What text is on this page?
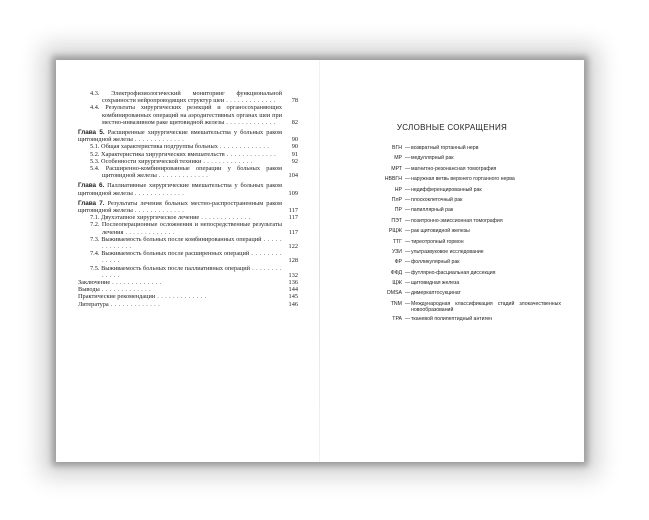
4.3. Электрофизиологический мониторинг функциональной сохранности нейропроводящих структур шеи . . . . . . . . . . . . .	78
4.4. Результаты хирургических резекций и органосохраняющих комбинированных операций на аэродигестивных органах шеи при местно-инвазивном раке щитовидной железы . . . . . . . . . . . . .	82
Глава 5. Расширенные хирургические вмешательства у больных раком щитовидной железы . . . . . . . . . . . . .	90
5.1. Общая характеристика подгруппы больных . . . . . . . . . . . . .	90
5.2. Характеристика хирургических вмешательств . . . . . . . . . . . . .	91
5.3. Особенности хирургической техники . . . . . . . . . . . . .	92
5.4. Расширенно-комбинированные операции у больных раком щитовидной железы . . . . . . . . . . . . .	104
Глава 6. Паллиативные хирургические вмешательства у больных раком щитовидной железы . . . . . . . . . . . . .	109
Глава 7. Результаты лечения больных местно-распространенным раком щитовидной железы . . . . . . . . . . . . .	117
7.1. Двухэтапное хирургическое лечение . . . . . . . . . . . . .	117
7.2. Послеоперационные осложнения и непосредственные результаты лечения . . . . . . . . . . . . .	117
7.3. Выживаемость больных после комбинированных операций . . . . . . . . . . . . .	122
7.4. Выживаемость больных после расширенных операций . . . . . . . . . . . . .	128
7.5. Выживаемость больных после паллиативных операций . . . . . . . . . . . . .	132
Заключение . . . . . . . . . . . . .	136
Выводы . . . . . . . . . . . . .	144
Практические рекомендации . . . . . . . . . . . . .	145
Литература . . . . . . . . . . . . .	146
УСЛОВНЫЕ СОКРАЩЕНИЯ
ВГН — возвратный гортанный нерв
МР — медуллярный рак
МРТ — магнитно-резонансная томография
НВВГН — наружная ветвь верхнего гортанного нерва
НР — недифференцированный рак
ПлР — плоскоклеточный рак
ПР — папиллярный рак
ПЭТ — позитронно-эмиссионная томография
РЩЖ — рак щитовидной железы
ТТГ — тиреотропный гормон
УЗИ — ультразвуковое исследование
ФР — фолликулярный рак
ФФД — футлярно-фасциальная диссекция
ЩЖ — щитовидная железа
DMSA — димеркаптосукцинат
TNM — Международная классификация стадий злокачественных новообразований
TPA — тканевой полипептидный антиген
